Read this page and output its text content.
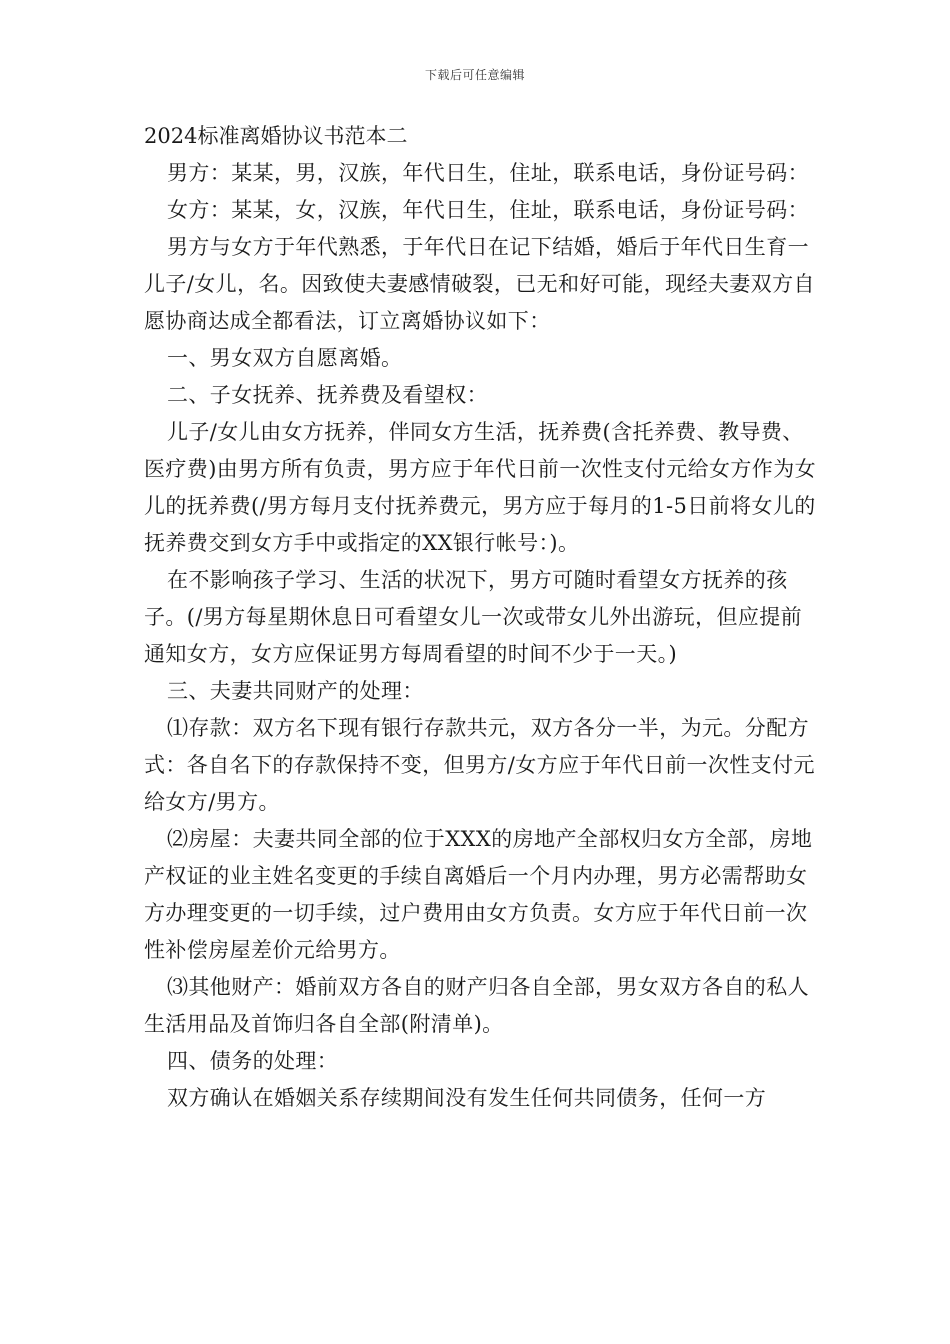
下载后可任意编辑

2024标准离婚协议书范本二

男方：某某，男，汉族，年代日生，住址，联系电话，身份证号码：

女方：某某，女，汉族，年代日生，住址，联系电话，身份证号码：

男方与女方于年代熟悉，于年代日在记下结婚，婚后于年代日生育一儿子/女儿，名。因致使夫妻感情破裂，已无和好可能，现经夫妻双方自愿协商达成全都看法，订立离婚协议如下：

一、男女双方自愿离婚。

二、子女抚养、抚养费及看望权：

儿子/女儿由女方抚养，伴同女方生活，抚养费(含托养费、教导费、医疗费)由男方所有负责，男方应于年代日前一次性支付元给女方作为女儿的抚养费(/男方每月支付抚养费元，男方应于每月的1-5日前将女儿的抚养费交到女方手中或指定的XX银行帐号：)。

在不影响孩子学习、生活的状况下，男方可随时看望女方抚养的孩子。(/男方每星期休息日可看望女儿一次或带女儿外出游玩，但应提前通知女方，女方应保证男方每周看望的时间不少于一天。)

三、夫妻共同财产的处理：

⑴存款：双方名下现有银行存款共元，双方各分一半，为元。分配方式：各自名下的存款保持不变，但男方/女方应于年代日前一次性支付元给女方/男方。

⑵房屋：夫妻共同全部的位于XXX的房地产全部权归女方全部，房地产权证的业主姓名变更的手续自离婚后一个月内办理，男方必需帮助女方办理变更的一切手续，过户费用由女方负责。女方应于年代日前一次性补偿房屋差价元给男方。

⑶其他财产：婚前双方各自的财产归各自全部，男女双方各自的私人生活用品及首饰归各自全部(附清单)。

四、债务的处理：

双方确认在婚姻关系存续期间没有发生任何共同债务，任何一方
